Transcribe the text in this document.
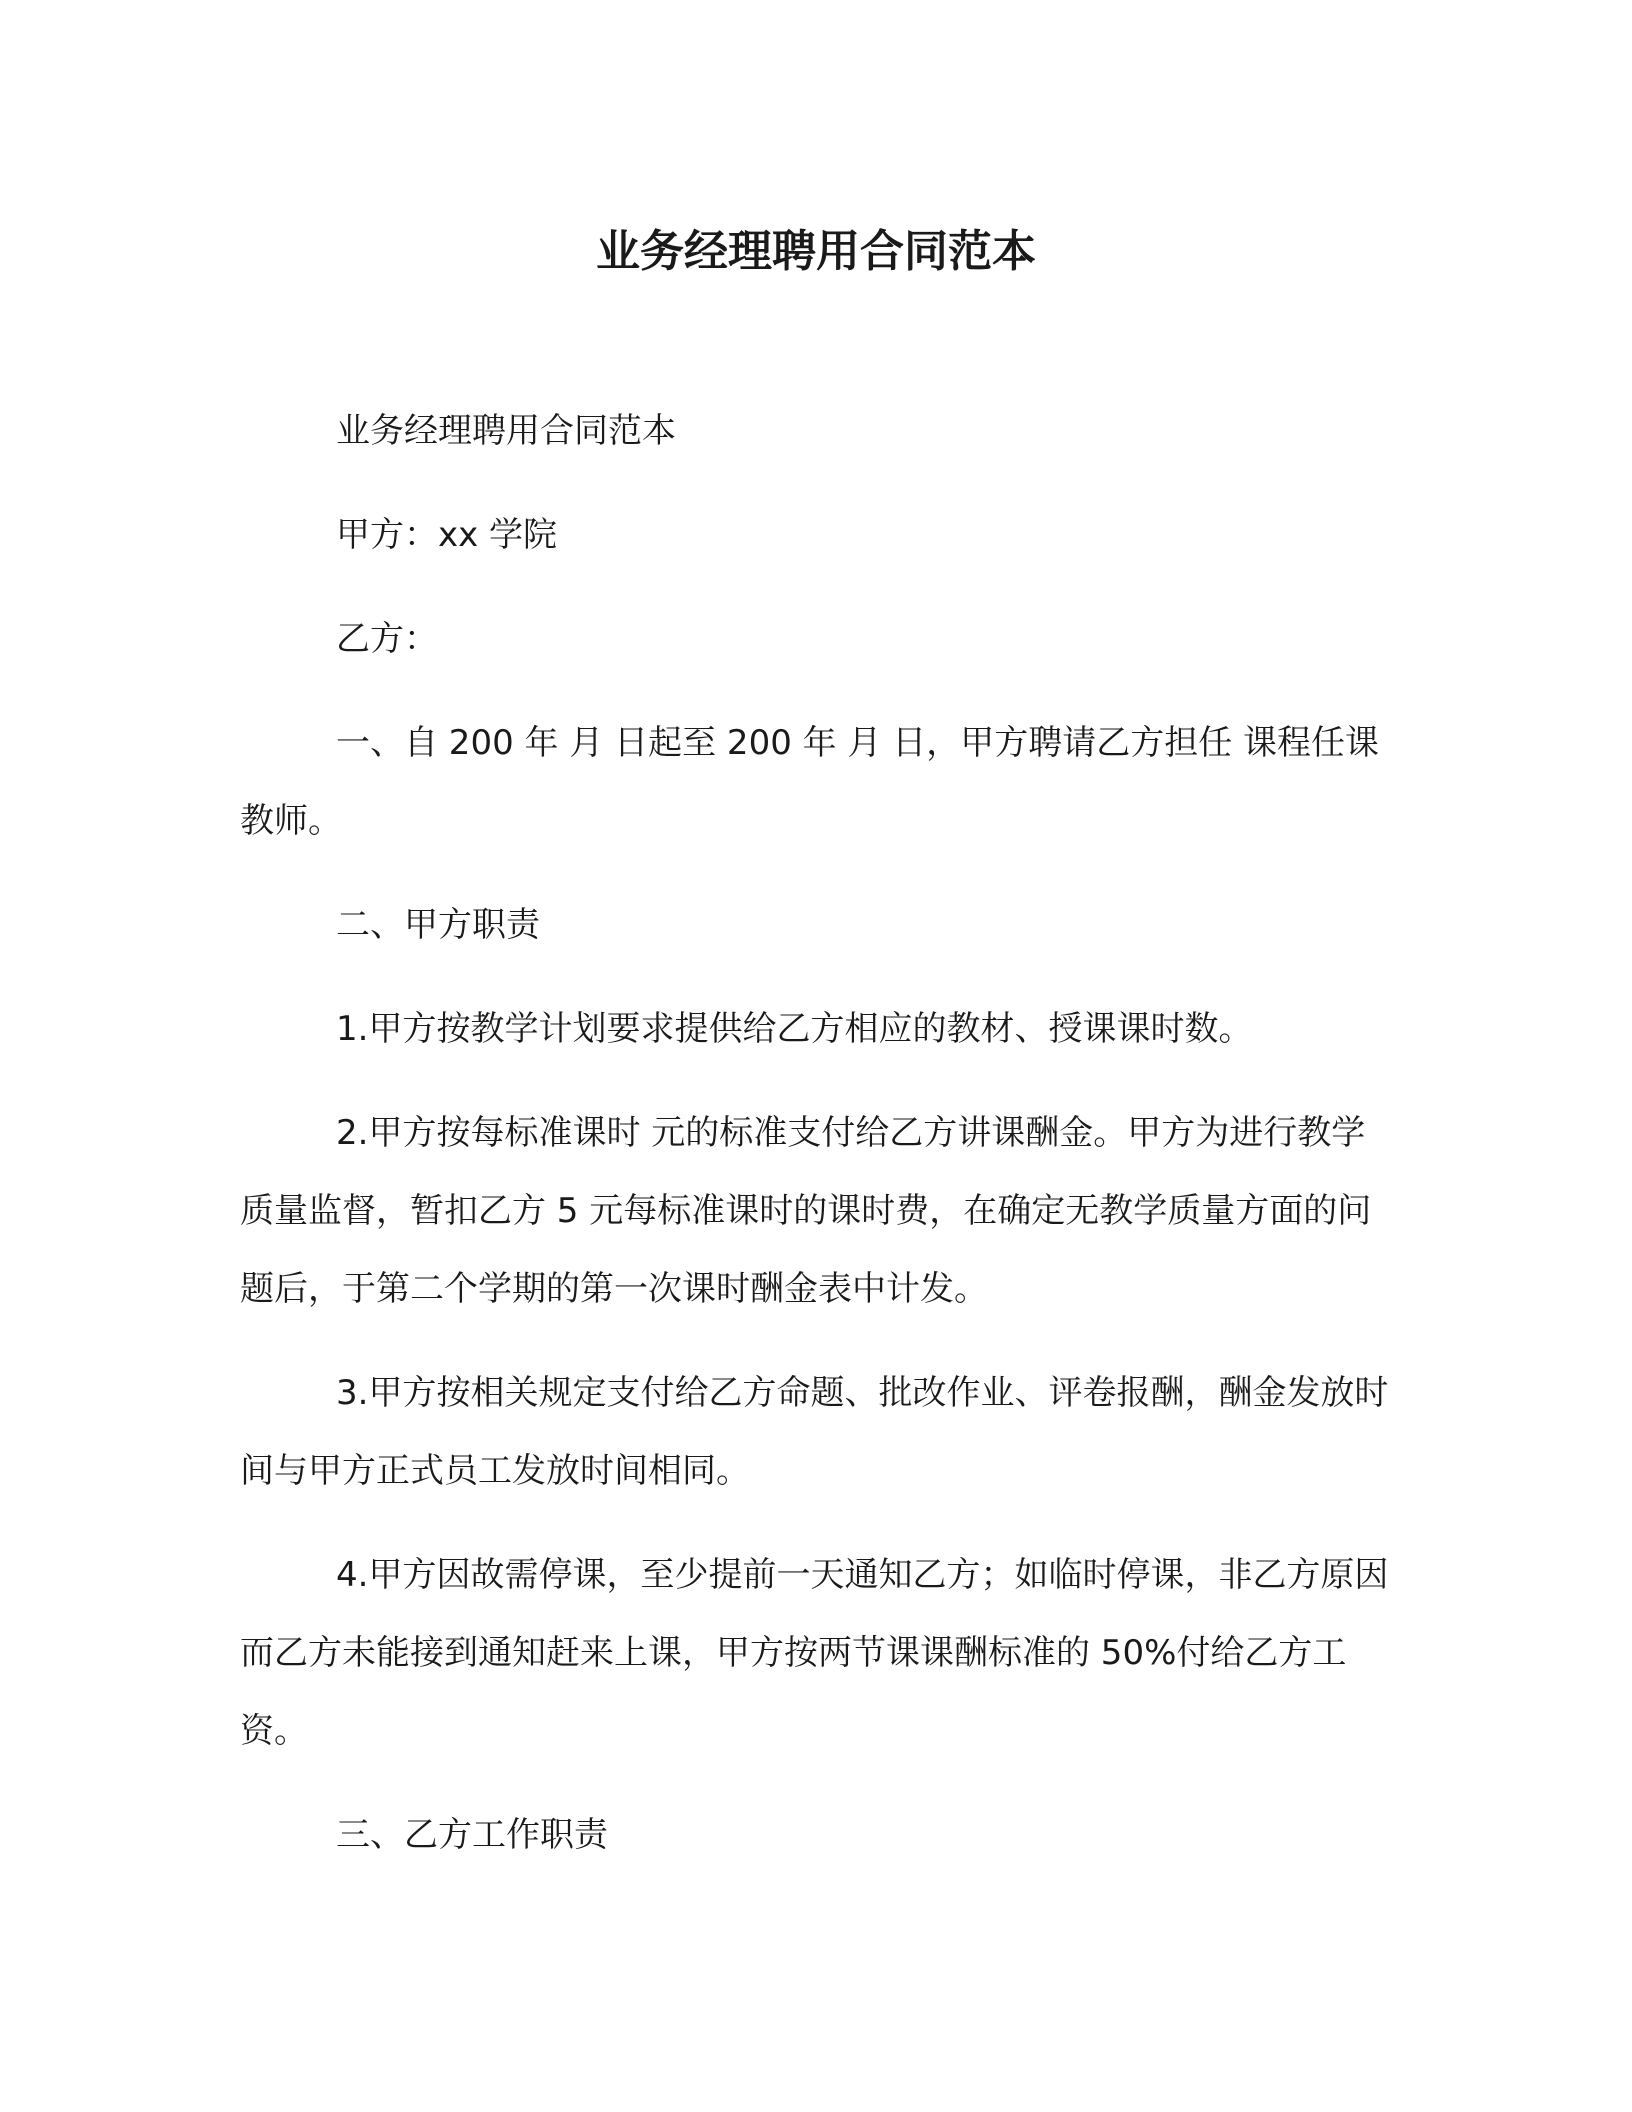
业务经理聘用合同范本

业务经理聘用合同范本

甲方：xx 学院

乙方：

一、自 200 年 月 日起至 200 年 月 日，甲方聘请乙方担任 课程任课教师。

二、甲方职责

1.甲方按教学计划要求提供给乙方相应的教材、授课课时数。

2.甲方按每标准课时 元的标准支付给乙方讲课酬金。甲方为进行教学质量监督，暂扣乙方 5 元每标准课时的课时费，在确定无教学质量方面的问题后，于第二个学期的第一次课时酬金表中计发。

3.甲方按相关规定支付给乙方命题、批改作业、评卷报酬，酬金发放时间与甲方正式员工发放时间相同。

4.甲方因故需停课，至少提前一天通知乙方；如临时停课，非乙方原因而乙方未能接到通知赶来上课，甲方按两节课课酬标准的 50%付给乙方工资。

三、乙方工作职责
